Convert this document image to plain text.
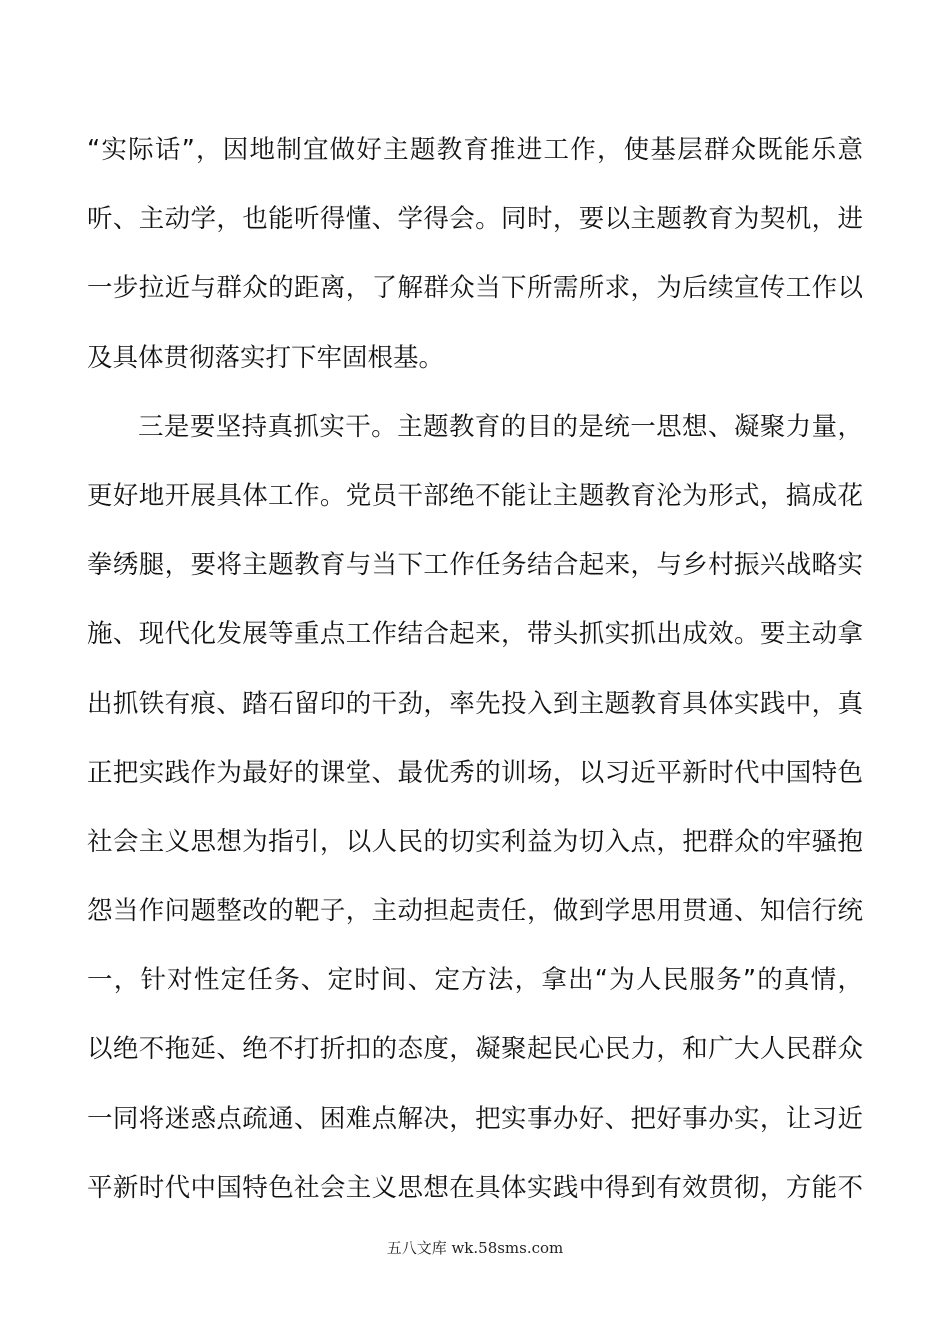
“实际话”，因地制宜做好主题教育推进工作，使基层群众既能乐意
听、主动学，也能听得懂、学得会。同时，要以主题教育为契机，进
一步拉近与群众的距离，了解群众当下所需所求，为后续宣传工作以
及具体贯彻落实打下牢固根基。
三是要坚持真抓实干。主题教育的目的是统一思想、凝聚力量，
更好地开展具体工作。党员干部绝不能让主题教育沦为形式，搞成花
拳绣腿，要将主题教育与当下工作任务结合起来，与乡村振兴战略实
施、现代化发展等重点工作结合起来，带头抓实抓出成效。要主动拿
出抓铁有痕、踏石留印的干劲，率先投入到主题教育具体实践中，真
正把实践作为最好的课堂、最优秀的训场，以习近平新时代中国特色
社会主义思想为指引，以人民的切实利益为切入点，把群众的牢骚抱
怨当作问题整改的靶子，主动担起责任，做到学思用贯通、知信行统
一，针对性定任务、定时间、定方法，拿出“为人民服务”的真情，
以绝不拖延、绝不打折扣的态度，凝聚起民心民力，和广大人民群众
一同将迷惑点疏通、困难点解决，把实事办好、把好事办实，让习近
平新时代中国特色社会主义思想在具体实践中得到有效贯彻，方能不
五八文库 wk.58sms.com
